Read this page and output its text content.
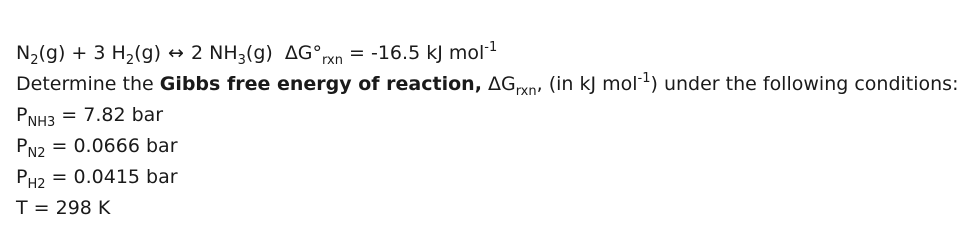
$N_2(g) + 3$ $H_2(g)$ ↔ 2 $NH_3(g) \Delta G^\circ_{rxn} = -16.5$ kJ mol$^{-1}$
Determine the Gibbs free energy of reaction, $\Delta G_{rxn}$, (in kJ mol$^{-1}$) under the following conditions:
$P_{NH3} = 7.82$ bar
$P_{N2} = 0.0666$ bar
$P_{H2} = 0.0415$ bar
T = 298 K
